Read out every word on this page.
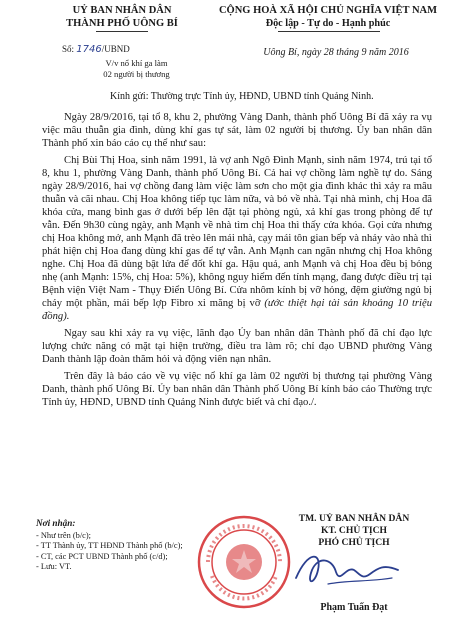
UỶ BAN NHÂN DÂN
THÀNH PHỐ UÔNG BÍ
CỘNG HOÀ XÃ HỘI CHỦ NGHĨA VIỆT NAM
Độc lập - Tự do - Hạnh phúc
Số: 1746/UBND
V/v nổ khí ga làm
02 người bị thương
Uông Bí, ngày 28 tháng 9 năm 2016
Kính gửi: Thường trực Tỉnh ủy, HĐND, UBND tỉnh Quảng Ninh.

Ngày 28/9/2016, tại tổ 8, khu 2, phường Vàng Danh, thành phố Uông Bí đã xảy ra vụ việc mâu thuẫn gia đình, dùng khí gas tự sát, làm 02 người bị thương. Ủy ban nhân dân Thành phố xin báo cáo cụ thể như sau:

Chị Bùi Thị Hoa, sinh năm 1991, là vợ anh Ngô Đình Mạnh, sinh năm 1974, trú tại tổ 8, khu 1, phường Vàng Danh, thành phố Uông Bí. Cả hai vợ chồng làm nghề tự do. Sáng ngày 28/9/2016, hai vợ chồng đang làm việc làm sơn cho một gia đình khác thì xảy ra mâu thuẫn và cãi nhau. Chị Hoa không tiếp tục làm nữa, và bỏ về nhà. Tại nhà mình, chị Hoa đã khóa cửa, mang bình gas ở dưới bếp lên đặt tại phòng ngủ, xả khí gas trong phòng để tự vẫn. Đến 9h30 cùng ngày, anh Mạnh về nhà tìm chị Hoa thì thấy cửa khóa. Gọi cửa nhưng chị Hoa không mở, anh Mạnh đã trèo lên mái nhà, cạy mái tôn gian bếp và nhảy vào nhà thì phát hiện chị Hoa đang dùng khí gas để tự vẫn. Anh Mạnh can ngăn nhưng chị Hoa không nghe. Chị Hoa đã dùng bật lửa để đốt khí ga. Hậu quả, anh Mạnh và chị Hoa đều bị bỏng nhẹ (anh Mạnh: 15%, chị Hoa: 5%), không nguy hiểm đến tính mạng, đang được điều trị tại Bệnh viện Việt Nam - Thụy Điển Uông Bí. Cửa nhôm kính bị vỡ hỏng, đệm giường ngủ bị cháy một phần, mái bếp lợp Fibro xi măng bị vỡ (ước thiệt hại tài sản khoảng 10 triệu đồng).

Ngay sau khi xảy ra vụ việc, lãnh đạo Ủy ban nhân dân Thành phố đã chỉ đạo lực lượng chức năng có mặt tại hiện trường, điều tra làm rõ; chỉ đạo UBND phường Vàng Danh thành lập đoàn thăm hỏi và động viên nạn nhân.

Trên đây là báo cáo về vụ việc nổ khí ga làm 02 người bị thương tại phường Vàng Danh, thành phố Uông Bí. Ủy ban nhân dân Thành phố Uông Bí kính báo cáo Thường trực Tỉnh ủy, HĐND, UBND tỉnh Quảng Ninh được biết và chỉ đạo./.

Nơi nhận:
- Như trên (b/c);
- TT Thành ủy, TT HĐND Thành phố (b/c);
- CT, các PCT UBND Thành phố (c/d);
- Lưu: VT.
TM. UỶ BAN NHÂN DÂN
KT. CHỦ TỊCH
PHÓ CHỦ TỊCH
Phạm Tuấn Đạt
